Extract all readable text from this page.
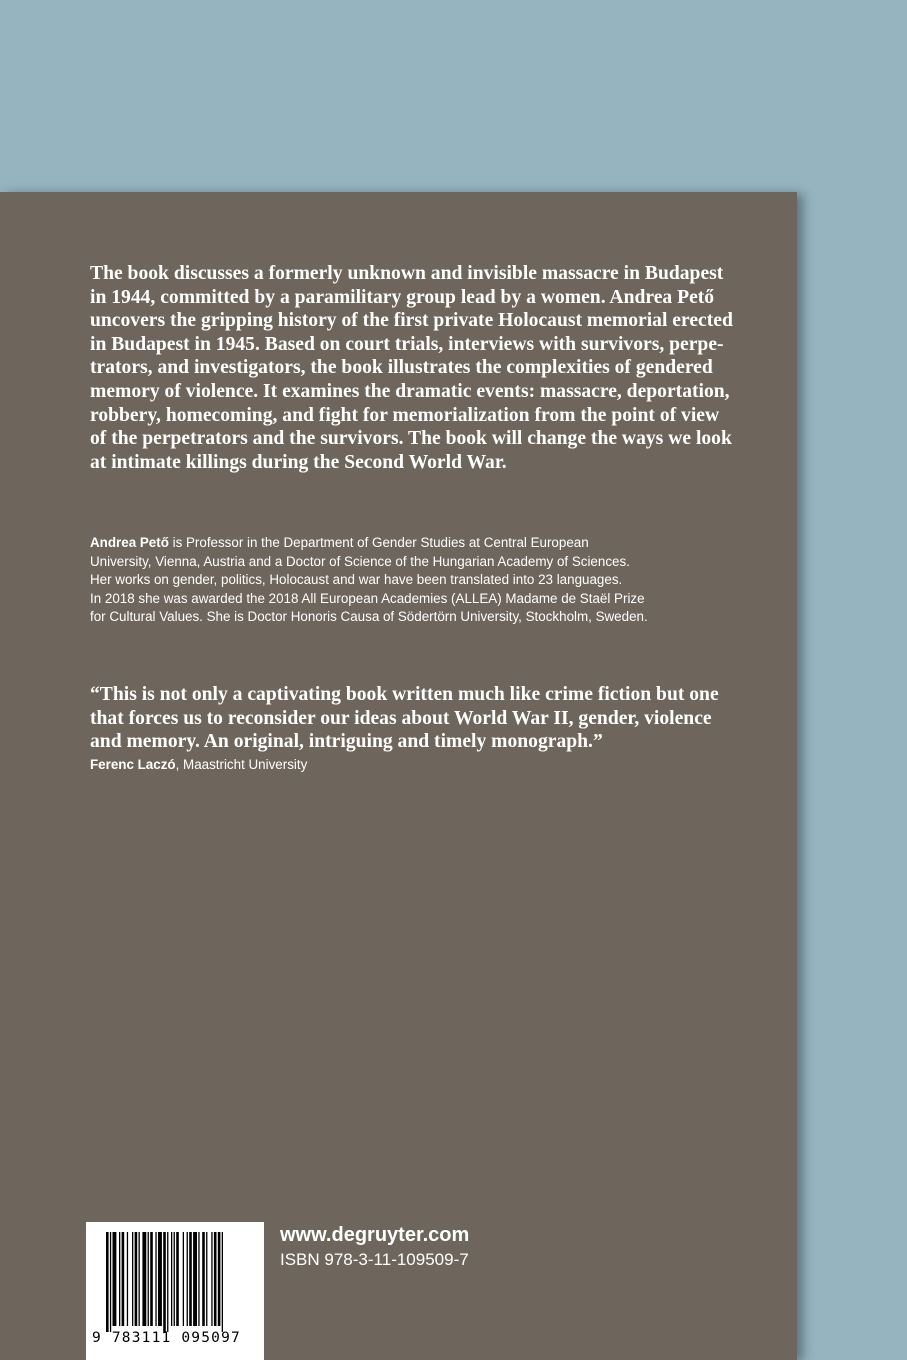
The book discusses a formerly unknown and invisible massacre in Budapest
in 1944, committed by a paramilitary group lead by a women. Andrea Pető
uncovers the gripping history of the first private Holocaust memorial erected
in Budapest in 1945. Based on court trials, interviews with survivors, perpe-
trators, and investigators, the book illustrates the complexities of gendered
memory of violence. It examines the dramatic events: massacre, deportation,
robbery, homecoming, and fight for memorialization from the point of view
of the perpetrators and the survivors. The book will change the ways we look
at intimate killings during the Second World War.
Andrea Pető is Professor in the Department of Gender Studies at Central European
University, Vienna, Austria and a Doctor of Science of the Hungarian Academy of Sciences.
Her works on gender, politics, Holocaust and war have been translated into 23 languages.
In 2018 she was awarded the 2018 All European Academies (ALLEA) Madame de Staël Prize
for Cultural Values. She is Doctor Honoris Causa of Södertörn University, Stockholm, Sweden.
“This is not only a captivating book written much like crime fiction but one
that forces us to reconsider our ideas about World War II, gender, violence
and memory. An original, intriguing and timely monograph.”
Ferenc Laczó, Maastricht University
9 783111 095097
www.degruyter.com
ISBN 978-3-11-109509-7
